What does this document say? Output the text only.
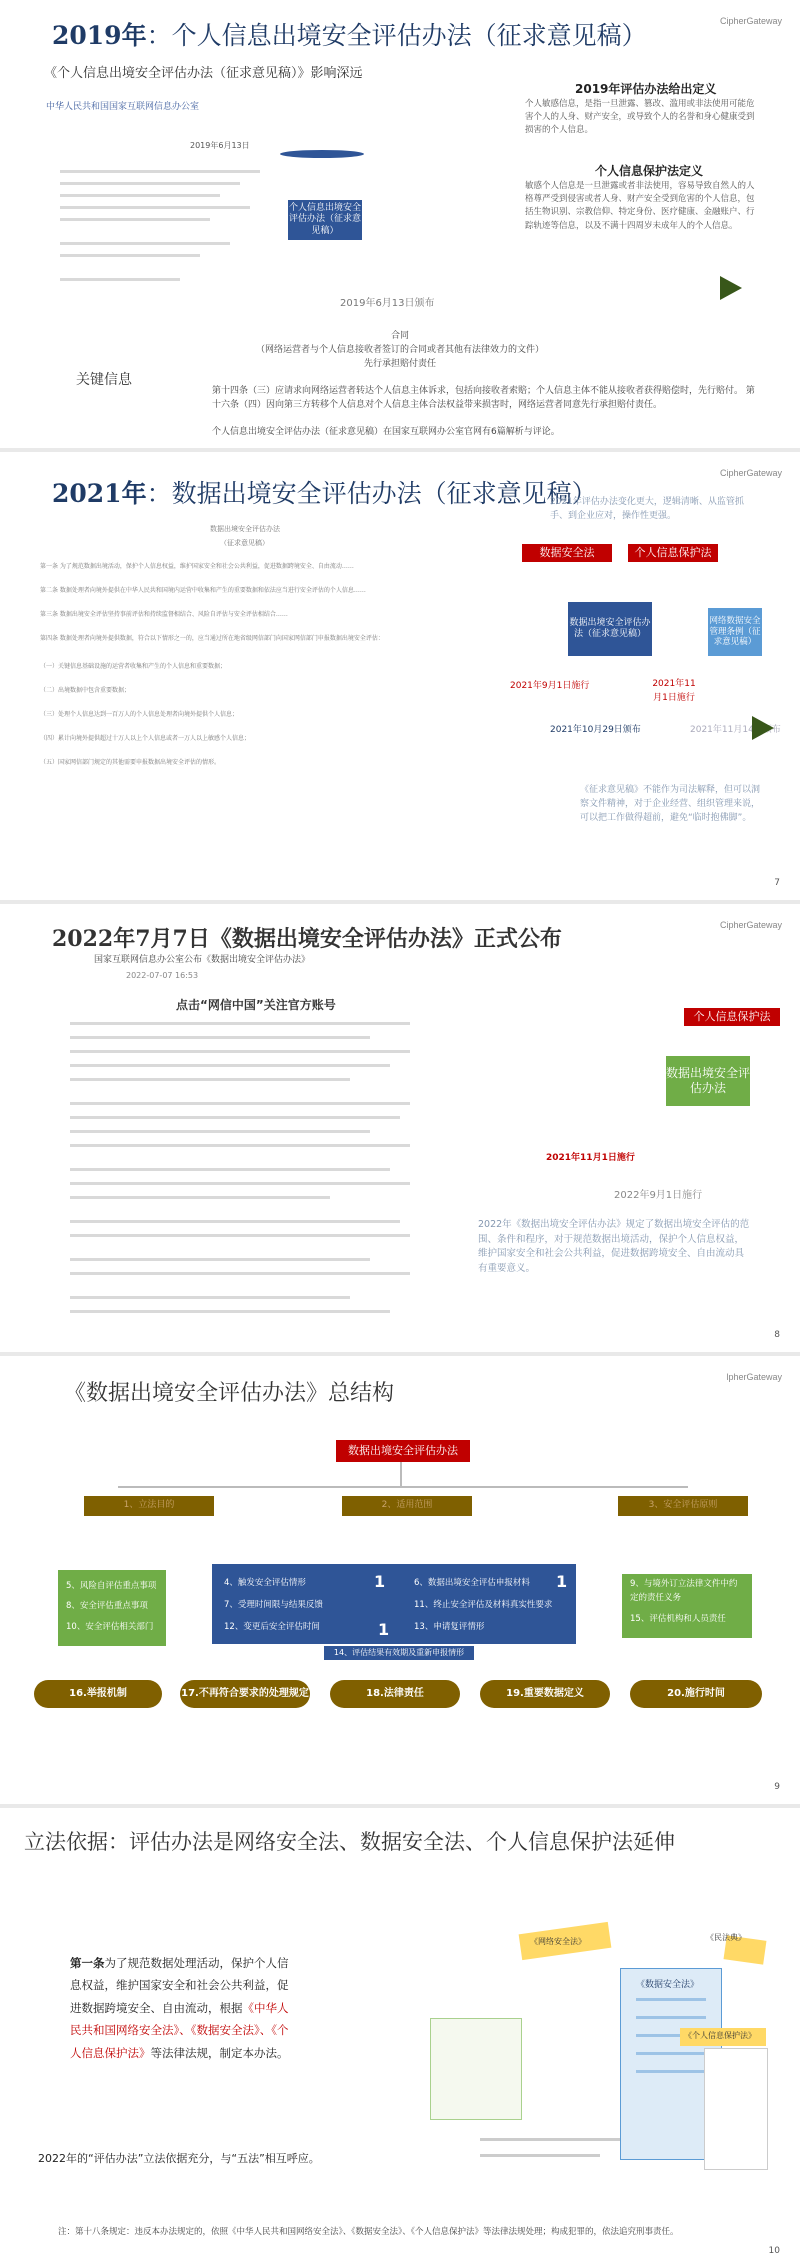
CipherGateway
2019年：个人信息出境安全评估办法（征求意见稿）
《个人信息出境安全评估办法（征求意见稿）》影响深远
中华人民共和国国家互联网信息办公室
2019年6月13日
个人信息出境安全评估办法（征求意见稿）
2019年6月13日颁布
2019年评估办法给出定义
个人敏感信息，是指一旦泄露、篡改、滥用或非法使用可能危害个人的人身、财产安全，或导致个人的名誉和身心健康受到损害的个人信息。
个人信息保护法定义
敏感个人信息是一旦泄露或者非法使用，容易导致自然人的人格尊严受到侵害或者人身、财产安全受到危害的个人信息，包括生物识别、宗教信仰、特定身份、医疗健康、金融账户、行踪轨迹等信息，以及不满十四周岁未成年人的个人信息。
关键信息
合同
（网络运营者与个人信息接收者签订的合同或者其他有法律效力的文件）
先行承担赔付责任
第十四条（三）应请求向网络运营者转达个人信息主体诉求，包括向接收者索赔；个人信息主体不能从接收者获得赔偿时，先行赔付。 第十六条（四）因向第三方转移个人信息对个人信息主体合法权益带来损害时，网络运营者同意先行承担赔付责任。
个人信息出境安全评估办法（征求意见稿）在国家互联网办公室官网有6篇解析与评论。
CipherGateway
2021年：数据出境安全评估办法（征求意见稿）
数据出境安全评估办法
（征求意见稿）
第一条 为了规范数据出境活动，保护个人信息权益，维护国家安全和社会公共利益，促进数据跨境安全、自由流动……
第二条 数据处理者向境外提供在中华人民共和国境内运营中收集和产生的重要数据和依法应当进行安全评估的个人信息……
第三条 数据出境安全评估坚持事前评估和持续监督相结合、风险自评估与安全评估相结合……
第四条 数据处理者向境外提供数据，符合以下情形之一的，应当通过所在地省级网信部门向国家网信部门申报数据出境安全评估：
（一）关键信息基础设施的运营者收集和产生的个人信息和重要数据；
（二）出境数据中包含重要数据；
（三）处理个人信息达到一百万人的个人信息处理者向境外提供个人信息；
（四）累计向境外提供超过十万人以上个人信息或者一万人以上敏感个人信息；
（五）国家网信部门规定的其他需要申报数据出境安全评估的情形。
2021年评估办法变化更大，逻辑清晰、从监管抓手、到企业应对，操作性更强。
数据安全法	个人信息保护法
数据出境安全评估办法（征求意见稿）
网络数据安全管理条例（征求意见稿）
2021年9月1日施行	2021年11月1日施行
2021年10月29日颁布	2021年11月14日颁布
《征求意见稿》不能作为司法解释，但可以洞察文件精神，对于企业经营、组织管理来说，可以把工作做得超前，避免“临时抱佛脚”。
7
CipherGateway
2022年7月7日《数据出境安全评估办法》正式公布
国家互联网信息办公室公布《数据出境安全评估办法》
2022-07-07 16:53
点击“网信中国”关注官方账号
个人信息保护法
数据出境安全评估办法
2021年11月1日施行
2022年9月1日施行
2022年《数据出境安全评估办法》规定了数据出境安全评估的范围、条件和程序，对于规范数据出境活动，保护个人信息权益，维护国家安全和社会公共利益，促进数据跨境安全、自由流动具有重要意义。
8
lpherGateway
《数据出境安全评估办法》总结构
数据出境安全评估办法
1、立法目的	2、适用范围	3、安全评估原则
5、风险自评估重点事项
8、安全评估重点事项
10、安全评估相关部门
4、触发安全评估情形
7、受理时间限与结果反馈
12、变更后安全评估时间
6、数据出境安全评估申报材料
11、终止安全评估及材料真实性要求
13、申请复评情形
1	1
1
14、评估结果有效期及重新申报情形
9、与境外订立法律文件中约定的责任义务
15、评估机构和人员责任
16.举报机制	17.不再符合要求的处理规定	18.法律责任	19.重要数据定义	20.施行时间
9
立法依据：评估办法是网络安全法、数据安全法、个人信息保护法延伸
第一条为了规范数据处理活动，保护个人信息权益，维护国家安全和社会公共利益，促进数据跨境安全、自由流动，根据《中华人民共和国网络安全法》、《数据安全法》、《个人信息保护法》等法律法规，制定本办法。
2022年的“评估办法”立法依据充分，与“五法”相互呼应。
《网络安全法》
《数据安全法》
《民法典》
《个人信息保护法》
注：第十八条规定：违反本办法规定的，依照《中华人民共和国网络安全法》、《数据安全法》、《个人信息保护法》等法律法规处理；构成犯罪的，依法追究刑事责任。
10
